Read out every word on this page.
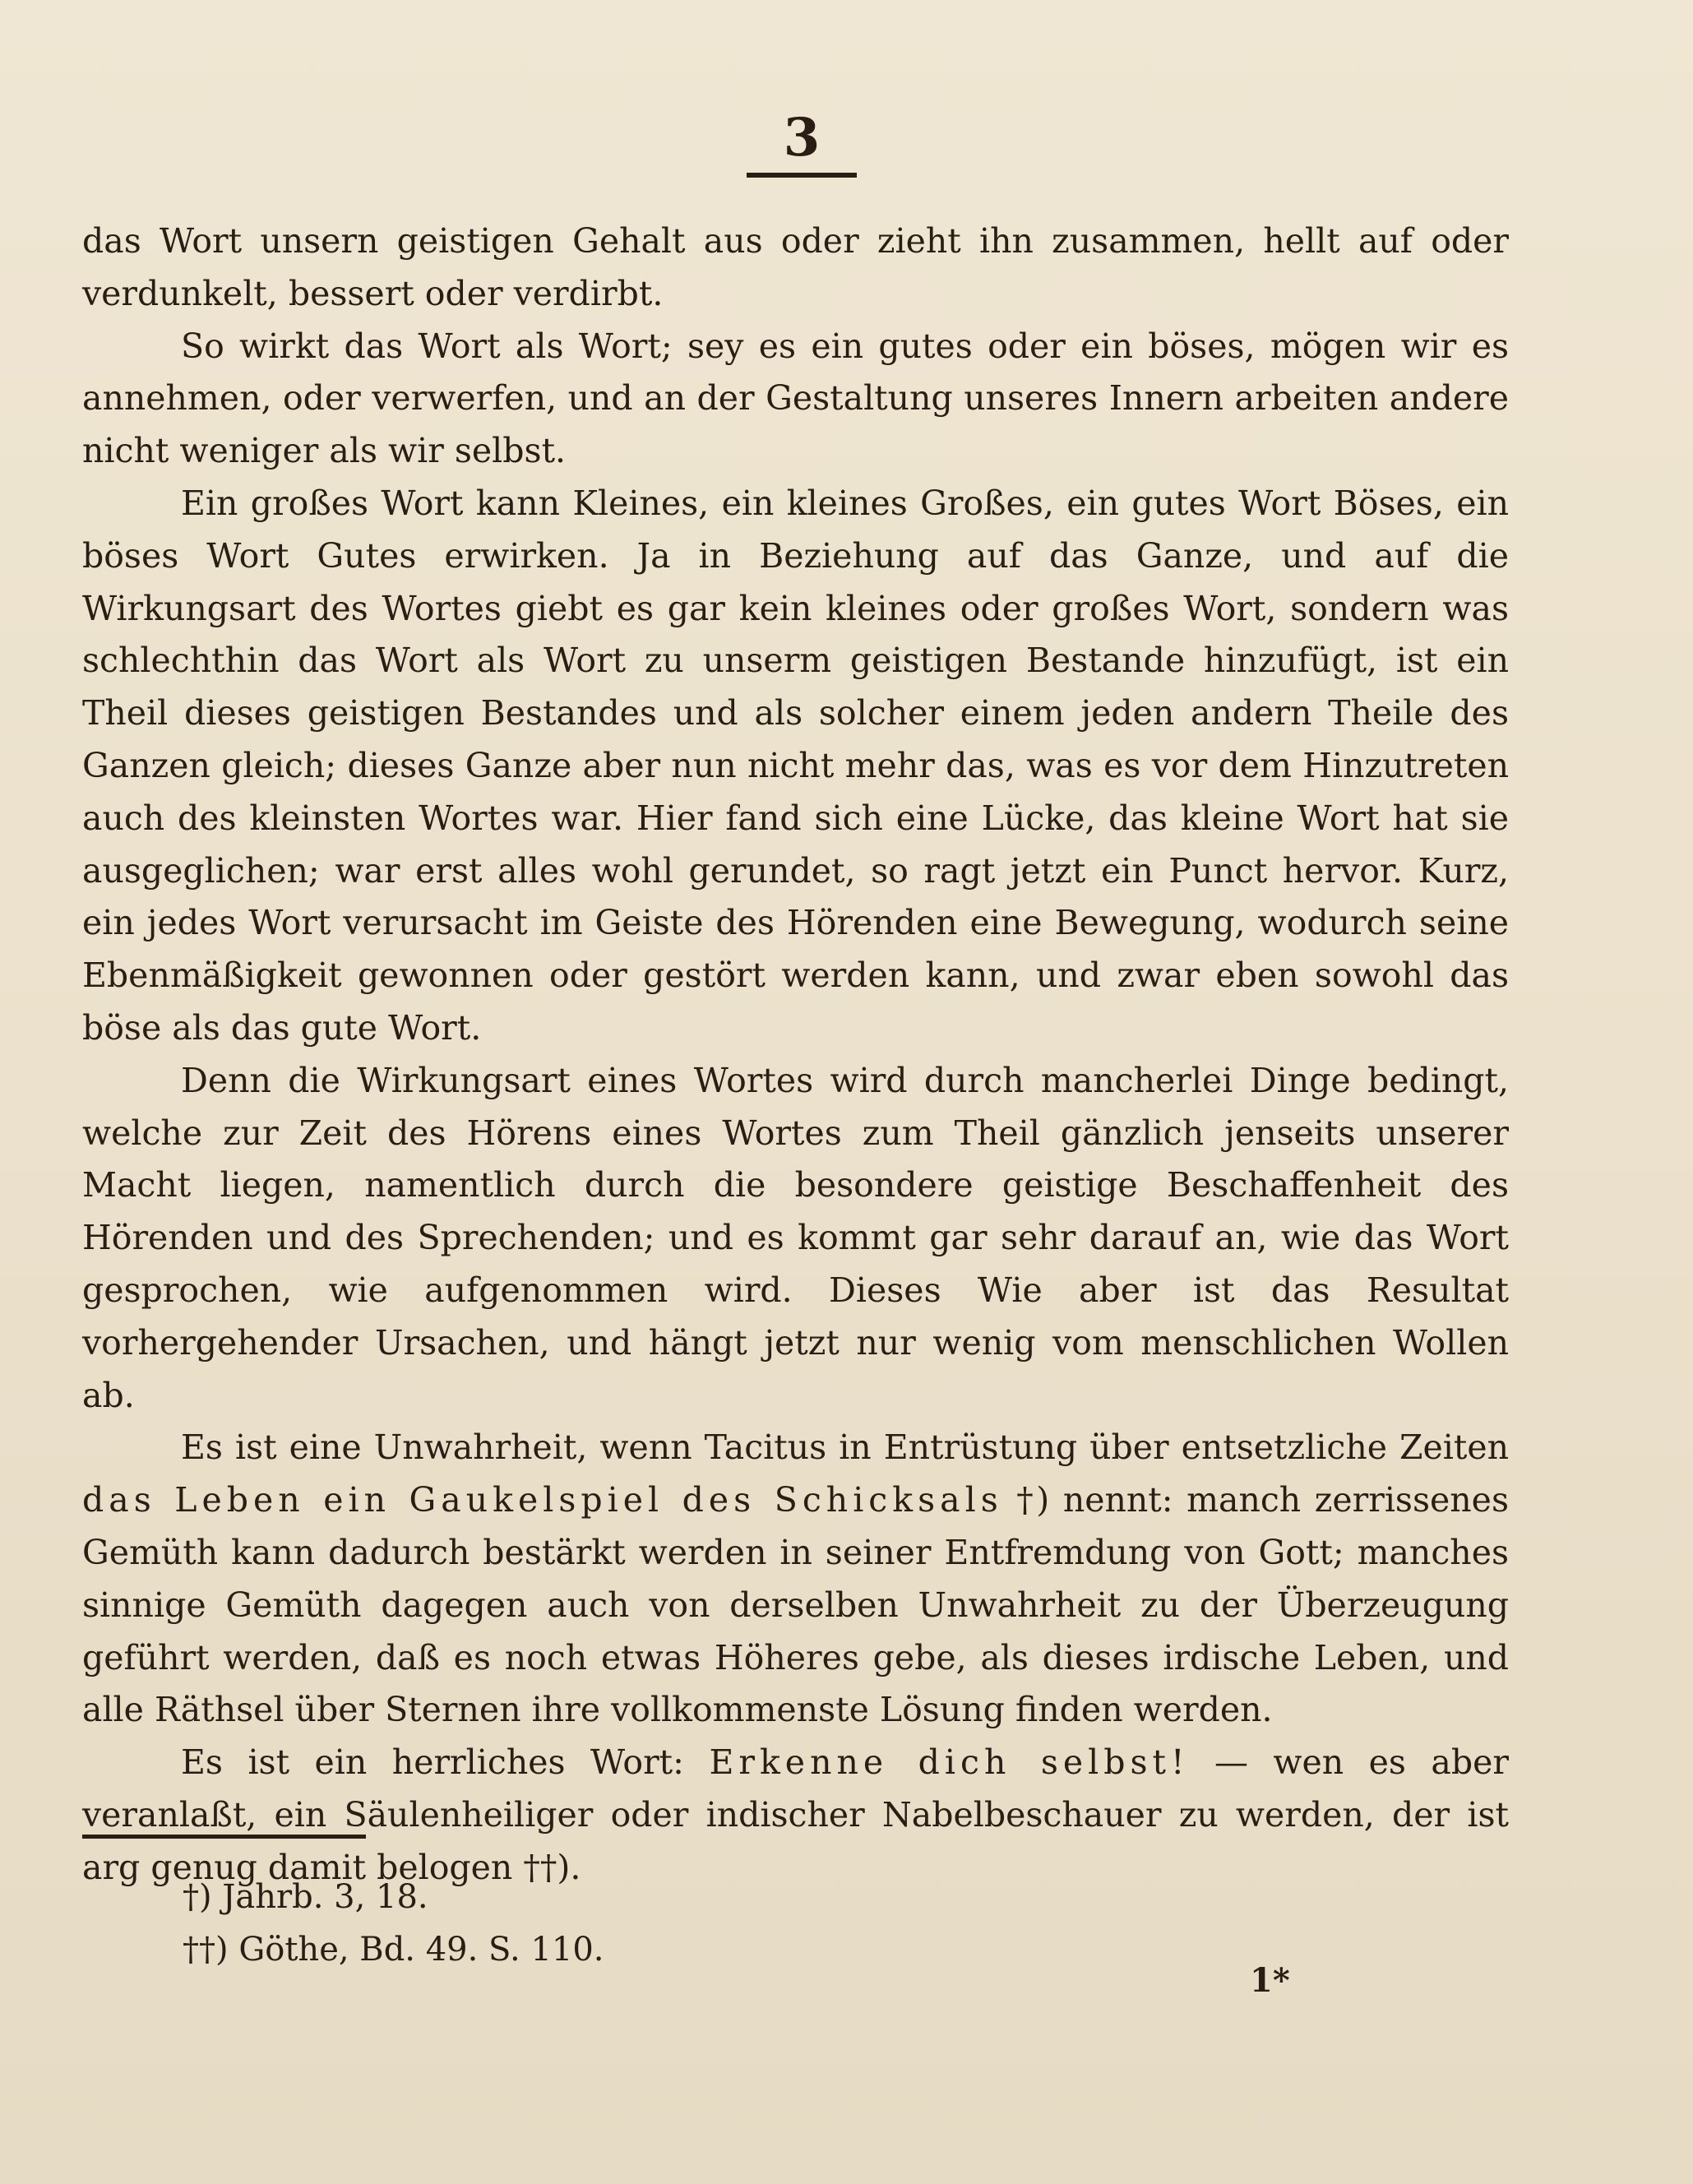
3

das Wort unsern geistigen Gehalt aus oder zieht ihn zusammen, hellt auf oder verdunkelt, bessert oder verdirbt.

So wirkt das Wort als Wort; sey es ein gutes oder ein böses, mögen wir es annehmen, oder verwerfen, und an der Gestaltung unseres Innern arbeiten andere nicht weniger als wir selbst.

Ein großes Wort kann Kleines, ein kleines Großes, ein gutes Wort Böses, ein böses Wort Gutes erwirken. Ja in Beziehung auf das Ganze, und auf die Wirkungsart des Wortes giebt es gar kein kleines oder großes Wort, sondern was schlechthin das Wort als Wort zu unserm geistigen Bestande hinzufügt, ist ein Theil dieses geistigen Bestandes und als solcher einem jeden andern Theile des Ganzen gleich; dieses Ganze aber nun nicht mehr das, was es vor dem Hinzutreten auch des kleinsten Wortes war. Hier fand sich eine Lücke, das kleine Wort hat sie ausgeglichen; war erst alles wohl gerundet, so ragt jetzt ein Punct hervor. Kurz, ein jedes Wort verursacht im Geiste des Hörenden eine Bewegung, wodurch seine Ebenmäßigkeit gewonnen oder gestört werden kann, und zwar eben sowohl das böse als das gute Wort.

Denn die Wirkungsart eines Wortes wird durch mancherlei Dinge bedingt, welche zur Zeit des Hörens eines Wortes zum Theil gänzlich jenseits unserer Macht liegen, namentlich durch die besondere geistige Beschaffenheit des Hörenden und des Sprechenden; und es kommt gar sehr darauf an, wie das Wort gesprochen, wie aufgenommen wird. Dieses Wie aber ist das Resultat vorhergehender Ursachen, und hängt jetzt nur wenig vom menschlichen Wollen ab.

Es ist eine Unwahrheit, wenn Tacitus in Entrüstung über entsetzliche Zeiten das Leben ein Gaukelspiel des Schicksals †) nennt: manch zerrissenes Gemüth kann dadurch bestärkt werden in seiner Entfremdung von Gott; manches sinnige Gemüth dagegen auch von derselben Unwahrheit zu der Überzeugung geführt werden, daß es noch etwas Höheres gebe, als dieses irdische Leben, und alle Räthsel über Sternen ihre vollkommenste Lösung finden werden.

Es ist ein herrliches Wort: Erkenne dich selbst! — wen es aber veranlaßt, ein Säulenheiliger oder indischer Nabelbeschauer zu werden, der ist arg genug damit belogen ††).

†) Jahrb. 3, 18.
††) Göthe, Bd. 49. S. 110.
1*
